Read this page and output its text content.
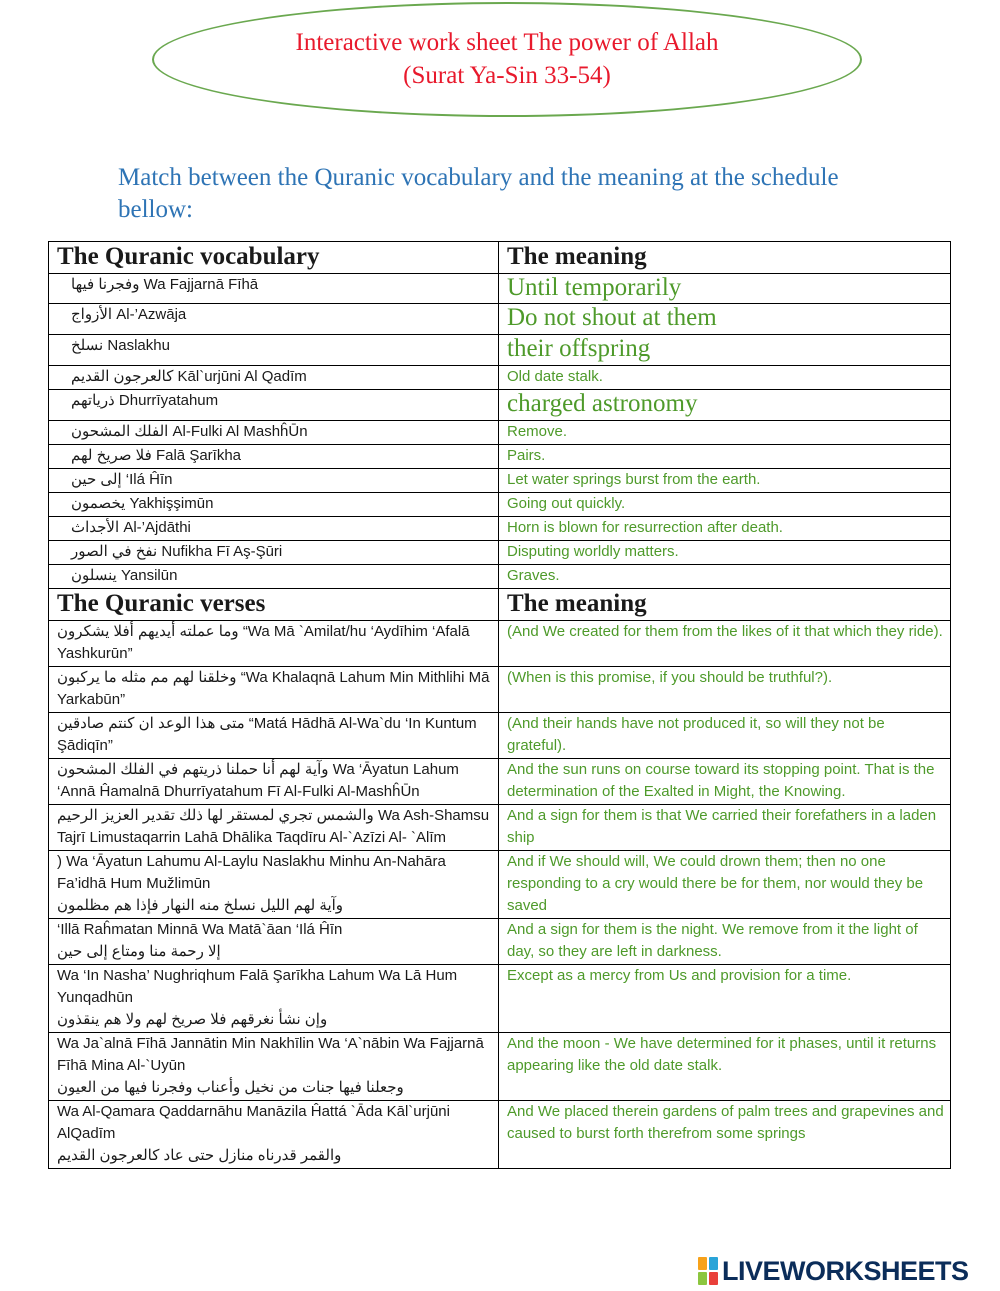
Interactive work sheet The power of Allah
(Surat Ya-Sin 33-54)
Match between the Quranic vocabulary and the meaning at the schedule bellow:
The Quranic vocabulary	The meaning
وفجرنا فيها Wa Fajjarnā Fīhā	Until temporarily
الأزواج Al-’Azwāja	Do not shout at them
نسلخ Naslakhu	their offspring
كالعرجون القديم Kāl`urjūni Al Qadīm	Old date stalk.
ذرياتهم Dhurrīyatahum	charged astronomy
الفلك المشحون Al-Fulki Al MashĥŪn	Remove.
فلا صريخ لهم Falā Şarīkha	Pairs.
إلى حين ‘Ilá Ĥīn	Let water springs burst from the earth.
يخصمون Yakhişşimūn	Going out quickly.
الأجداث Al-’Ajdāthi	Horn is blown for resurrection after death.
نفخ في الصور Nufikha Fī Aş-Şūri	Disputing worldly matters.
ينسلون Yansilūn	Graves.
The Quranic verses	The meaning
وما عملته أيديهم أفلا يشكرون “Wa Mā `Amilat/hu ‘Aydīhim ‘Afalā Yashkurūn”	(And We created for them from the likes of it that which they ride).
وخلقنا لهم مم مثله ما يركبون “Wa Khalaqnā Lahum Min Mithlihi Mā Yarkabūn”	(When is this promise, if you should be truthful?).
متى هذا الوعد ان كنتم صادقين “Matá Hādhā Al-Wa`du ‘In Kuntum Şādiqīn”	(And their hands have not produced it, so will they not be grateful).
وآية لهم أنا حملنا ذريتهم في الفلك المشحون Wa ‘Āyatun Lahum ‘Annā Ĥamalnā Dhurrīyatahum Fī Al-Fulki Al-MashĥŪn	And the sun runs on course toward its stopping point. That is the determination of the Exalted in Might, the Knowing.
والشمس تجري لمستقر لها ذلك تقدير العزيز الرحيم Wa Ash-Shamsu Tajrī Limustaqarrin Lahā Dhālika Taqdīru Al-`Azīzi Al- `Alīm	And a sign for them is that We carried their forefathers in a laden ship

) Wa ‘Āyatun Lahumu Al-Laylu Naslakhu Minhu An-Nahāra Fa’idhā Hum Mužlimūn
وآية لهم الليل نسلخ منه النهار فإذا هم مظلمون	And if We should will, We could drown them; then no one responding to a cry would there be for them, nor would they be saved

‘Illā Raĥmatan Minnā Wa Matā`āan ‘Ilá Ĥīn
إلا رحمة منا ومتاع إلى حين	And a sign for them is the night. We remove from it the light of day, so they are left in darkness.

Wa ‘In Nasha’ Nughriqhum Falā Şarīkha Lahum Wa Lā Hum Yunqadhūn
وإن نشأ نغرقهم فلا صريخ لهم ولا هم ينقذون	Except as a mercy from Us and provision for a time.

Wa Ja`alnā Fīhā Jannātin Min Nakhīlin Wa ‘A`nābin Wa Fajjarnā Fīhā Mina Al-`Uyūn
وجعلنا فيها جنات من نخيل وأعناب وفجرنا فيها من العيون	And the moon - We have determined for it phases, until it returns appearing like the old date stalk.

Wa Al-Qamara Qaddarnāhu Manāzila Ĥattá `Āda Kāl`urjūni AlQadīm
والقمر قدرناه منازل حتى عاد كالعرجون القديم	And We placed therein gardens of palm trees and grapevines and caused to burst forth therefrom some springs
LIVEWORKSHEETS
